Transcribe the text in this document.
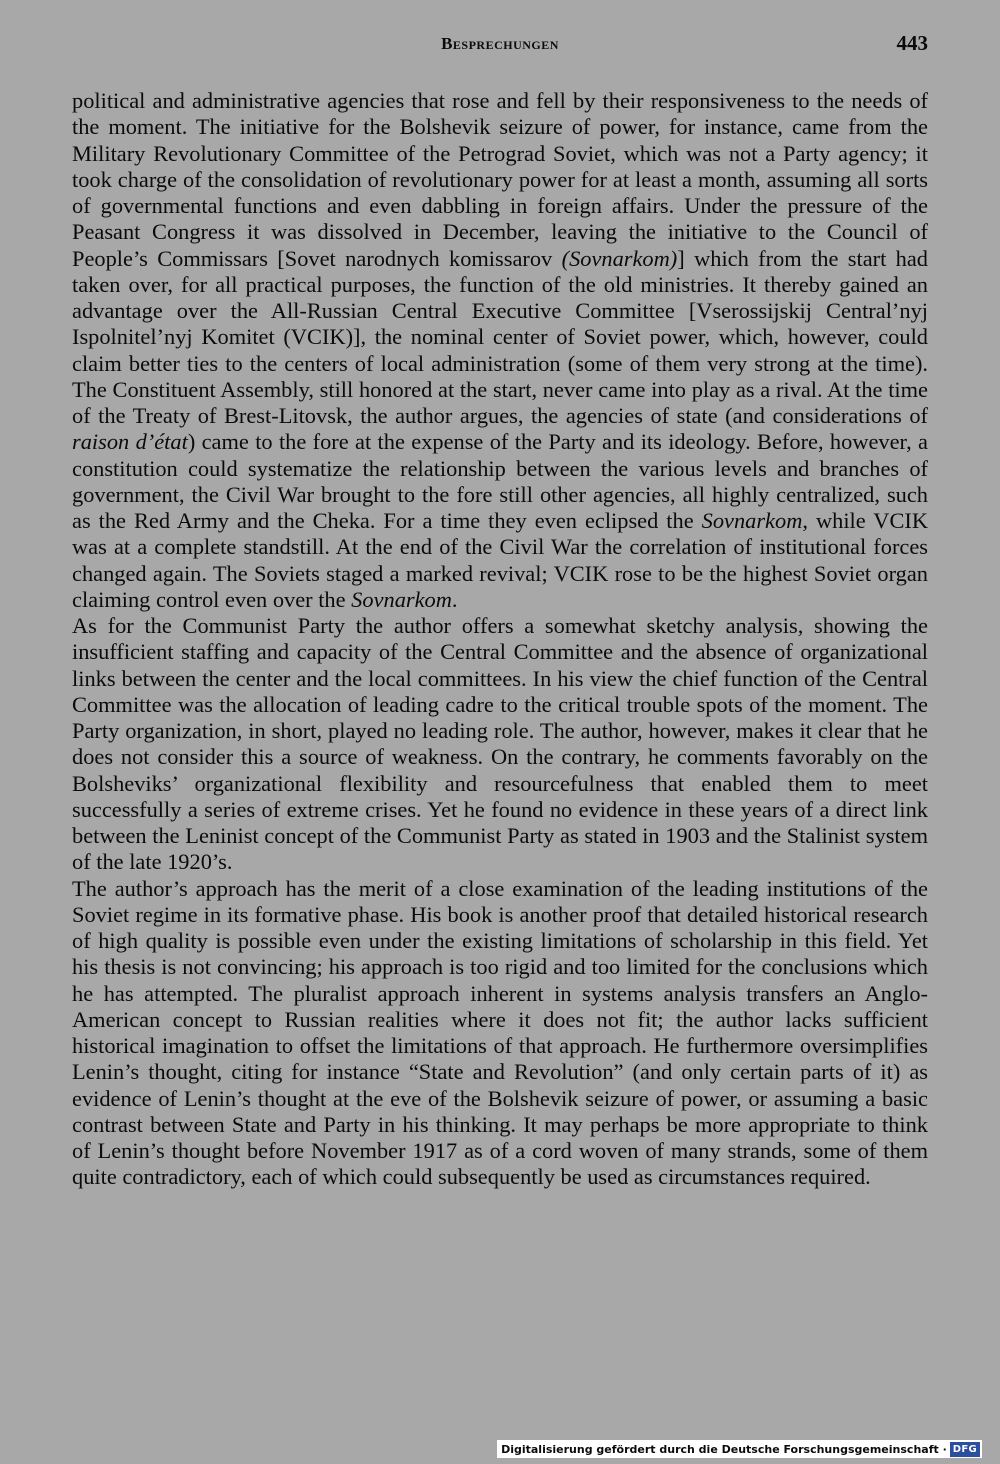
Besprechungen	443

political and administrative agencies that rose and fell by their responsiveness to the needs of the moment. The initiative for the Bolshevik seizure of power, for instance, came from the Military Revolutionary Committee of the Petrograd Soviet, which was not a Party agency; it took charge of the consolidation of revolutionary power for at least a month, assuming all sorts of governmental functions and even dabbling in foreign affairs. Under the pressure of the Peasant Congress it was dissolved in December, leaving the initiative to the Council of People’s Commissars [Sovet narodnych komissarov (Sovnarkom)] which from the start had taken over, for all practical purposes, the function of the old ministries. It thereby gained an advantage over the All-Russian Central Executive Committee [Vserossijskij Central’nyj Ispolnitel’nyj Komitet (VCIK)], the nominal center of Soviet power, which, however, could claim better ties to the centers of local administration (some of them very strong at the time). The Constituent Assembly, still honored at the start, never came into play as a rival. At the time of the Treaty of Brest-Litovsk, the author argues, the agencies of state (and considerations of raison d’état) came to the fore at the expense of the Party and its ideology. Before, however, a constitution could systematize the relationship between the various levels and branches of government, the Civil War brought to the fore still other agencies, all highly centralized, such as the Red Army and the Cheka. For a time they even eclipsed the Sovnarkom, while VCIK was at a complete standstill. At the end of the Civil War the correlation of institutional forces changed again. The Soviets staged a marked revival; VCIK rose to be the highest Soviet organ claiming control even over the Sovnarkom.

As for the Communist Party the author offers a somewhat sketchy analysis, showing the insufficient staffing and capacity of the Central Committee and the absence of organizational links between the center and the local committees. In his view the chief function of the Central Committee was the allocation of leading cadre to the critical trouble spots of the moment. The Party organization, in short, played no leading role. The author, however, makes it clear that he does not consider this a source of weakness. On the contrary, he comments favorably on the Bolsheviks’ organizational flexibility and resourcefulness that enabled them to meet successfully a series of extreme crises. Yet he found no evidence in these years of a direct link between the Leninist concept of the Communist Party as stated in 1903 and the Stalinist system of the late 1920’s.

The author’s approach has the merit of a close examination of the leading institutions of the Soviet regime in its formative phase. His book is another proof that detailed historical research of high quality is possible even under the existing limitations of scholarship in this field. Yet his thesis is not convincing; his approach is too rigid and too limited for the conclusions which he has attempted. The pluralist approach inherent in systems analysis transfers an Anglo-American concept to Russian realities where it does not fit; the author lacks sufficient historical imagination to offset the limitations of that approach. He furthermore oversimplifies Lenin’s thought, citing for instance “State and Revolution” (and only certain parts of it) as evidence of Lenin’s thought at the eve of the Bolshevik seizure of power, or assuming a basic contrast between State and Party in his thinking. It may perhaps be more appropriate to think of Lenin’s thought before November 1917 as of a cord woven of many strands, some of them quite contradictory, each of which could subsequently be used as circumstances required.

Digitalisierung gefördert durch die Deutsche Forschungsgemeinschaft · DFG
